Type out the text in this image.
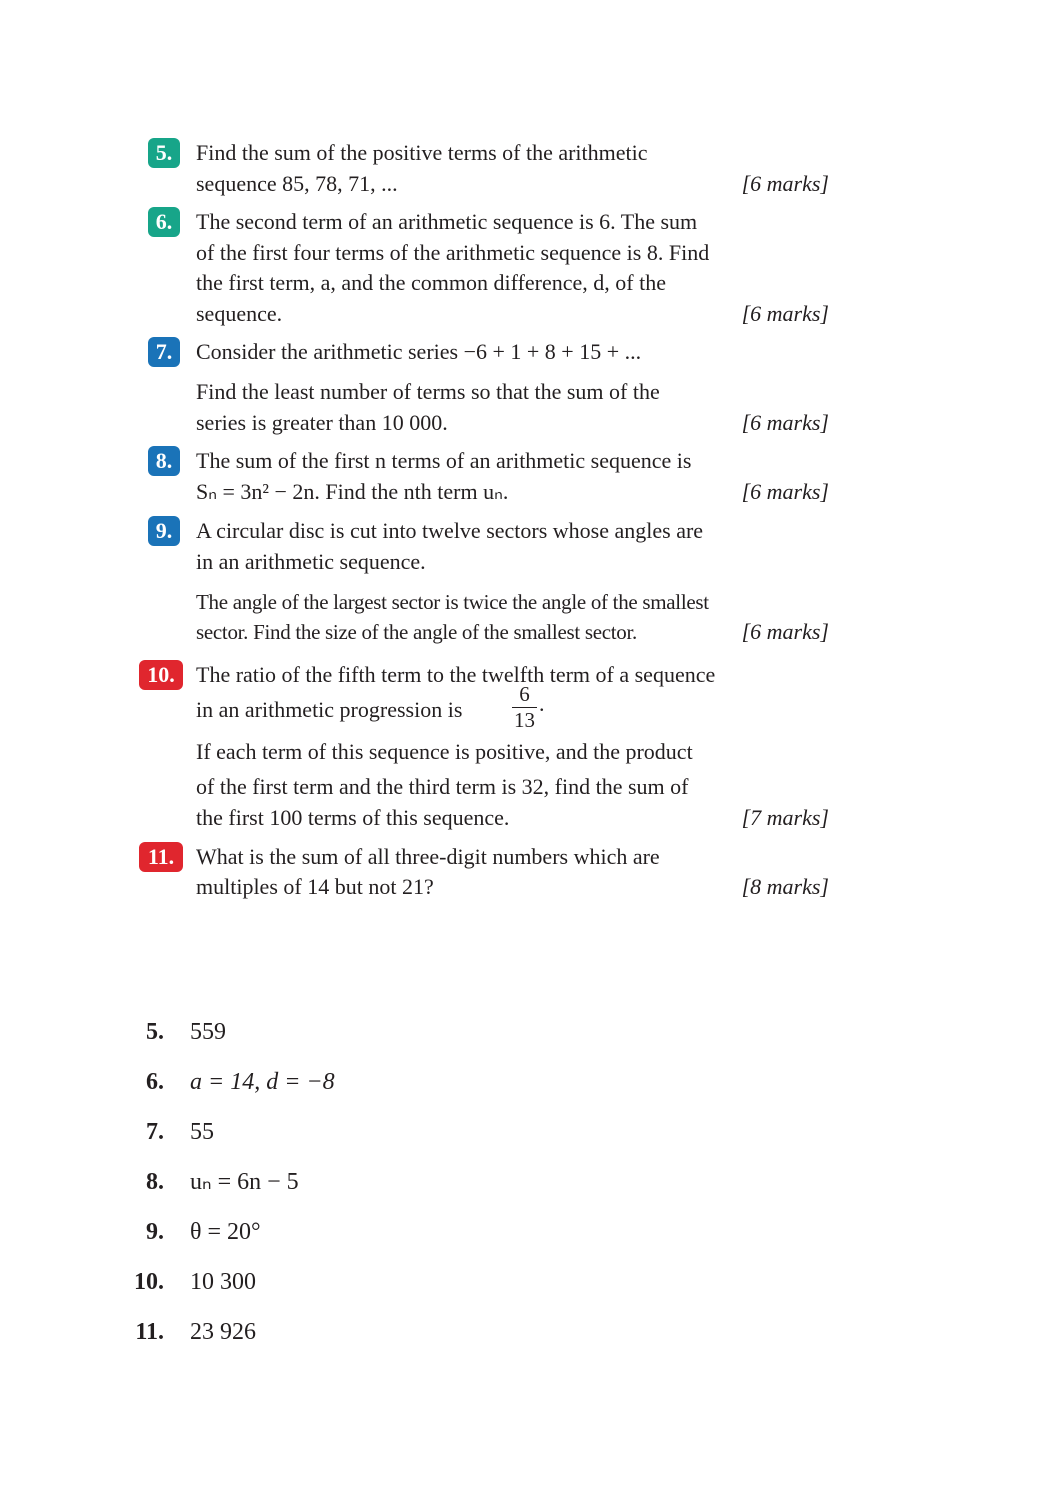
5.	Find the sum of the positive terms of the arithmetic
sequence 85, 78, 71, ...	[6 marks]
6.	The second term of an arithmetic sequence is 6. The sum
of the first four terms of the arithmetic sequence is 8. Find
the first term, a, and the common difference, d, of the
sequence.	[6 marks]
7.	Consider the arithmetic series −6 + 1 + 8 + 15 + ...
Find the least number of terms so that the sum of the
series is greater than 10 000.	[6 marks]
8.	The sum of the first n terms of an arithmetic sequence is
Sₙ = 3n² − 2n. Find the nth term uₙ.	[6 marks]
9.	A circular disc is cut into twelve sectors whose angles are
in an arithmetic sequence.
The angle of the largest sector is twice the angle of the smallest
sector. Find the size of the angle of the smallest sector.	[6 marks]
10. The ratio of the fifth term to the twelfth term of a sequence
in an arithmetic progression is $\frac{6}{13}$ .
If each term of this sequence is positive, and the product
of the first term and the third term is 32, find the sum of
the first 100 terms of this sequence.	[7 marks]
11. What is the sum of all three-digit numbers which are
multiples of 14 but not 21?	[8 marks]
5. 559
6. a = 14, d = −8
7. 55
8. uₙ = 6n − 5
9. θ = 20°
10. 10 300
11. 23 926
